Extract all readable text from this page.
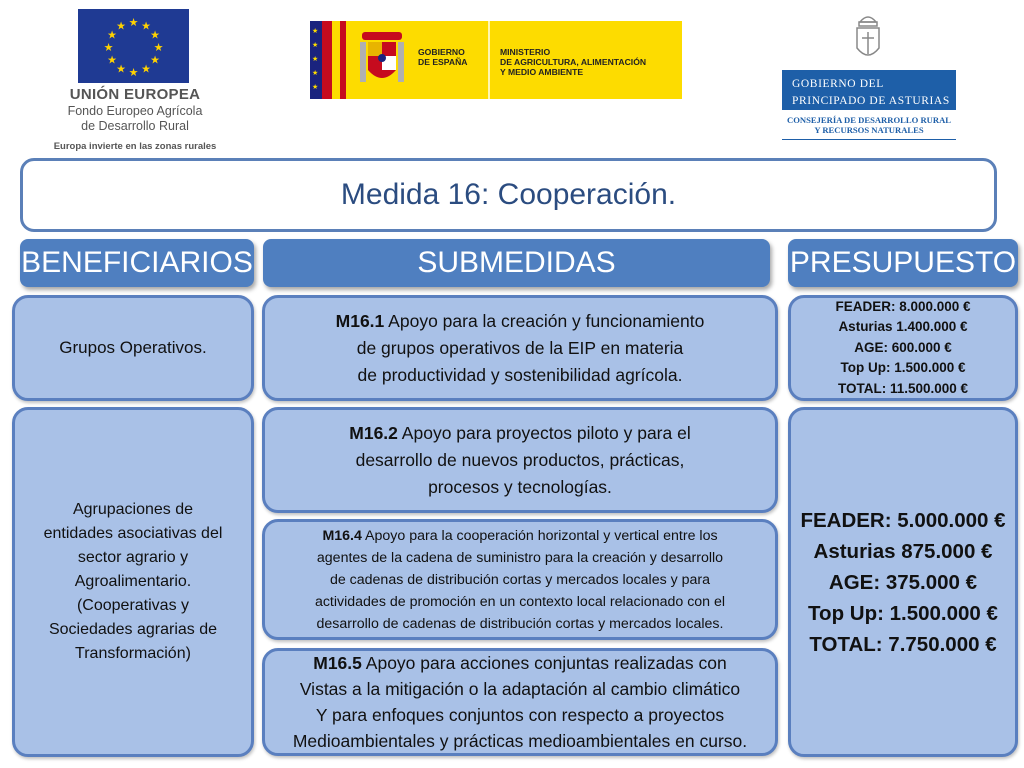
★ ★
★
★
★
★
★
★
★
★
★
★
UNIÓN EUROPEA
Fondo Europeo Agrícola
de Desarrollo Rural
Europa invierte en las zonas rurales
★
★
★
★
★
GOBIERNO
DE ESPAÑA
MINISTERIO
DE AGRICULTURA, ALIMENTACIÓN
Y MEDIO AMBIENTE
GOBIERNO DEL
PRINCIPADO DE ASTURIAS
CONSEJERÍA DE DESARROLLO RURAL
Y RECURSOS NATURALES
Medida 16: Cooperación.
BENEFICIARIOS	SUBMEDIDAS	PRESUPUESTO
Grupos Operativos.
Agrupaciones de
entidades asociativas del
sector agrario y
Agroalimentario.
(Cooperativas y
Sociedades agrarias de
Transformación)
M16.1 Apoyo para la creación y funcionamiento
de grupos operativos de la EIP en materia
de productividad y sostenibilidad agrícola.
M16.2 Apoyo para proyectos piloto y para el
desarrollo de nuevos productos, prácticas,
procesos y tecnologías.
M16.4 Apoyo para la cooperación horizontal y vertical entre los
agentes de la cadena de suministro para la creación y desarrollo
de cadenas de distribución cortas y mercados locales y para
actividades de promoción en un contexto local relacionado con el
desarrollo de cadenas de distribución cortas y mercados locales.
M16.5 Apoyo para acciones conjuntas realizadas con
Vistas a la mitigación o la adaptación al cambio climático
Y para enfoques conjuntos con respecto a proyectos
Medioambientales y prácticas medioambientales en curso.
FEADER: 8.000.000 €
Asturias 1.400.000 €
AGE: 600.000 €
Top Up: 1.500.000 €
TOTAL: 11.500.000 €
FEADER: 5.000.000 €
Asturias 875.000 €
AGE: 375.000 €
Top Up: 1.500.000 €
TOTAL: 7.750.000 €
